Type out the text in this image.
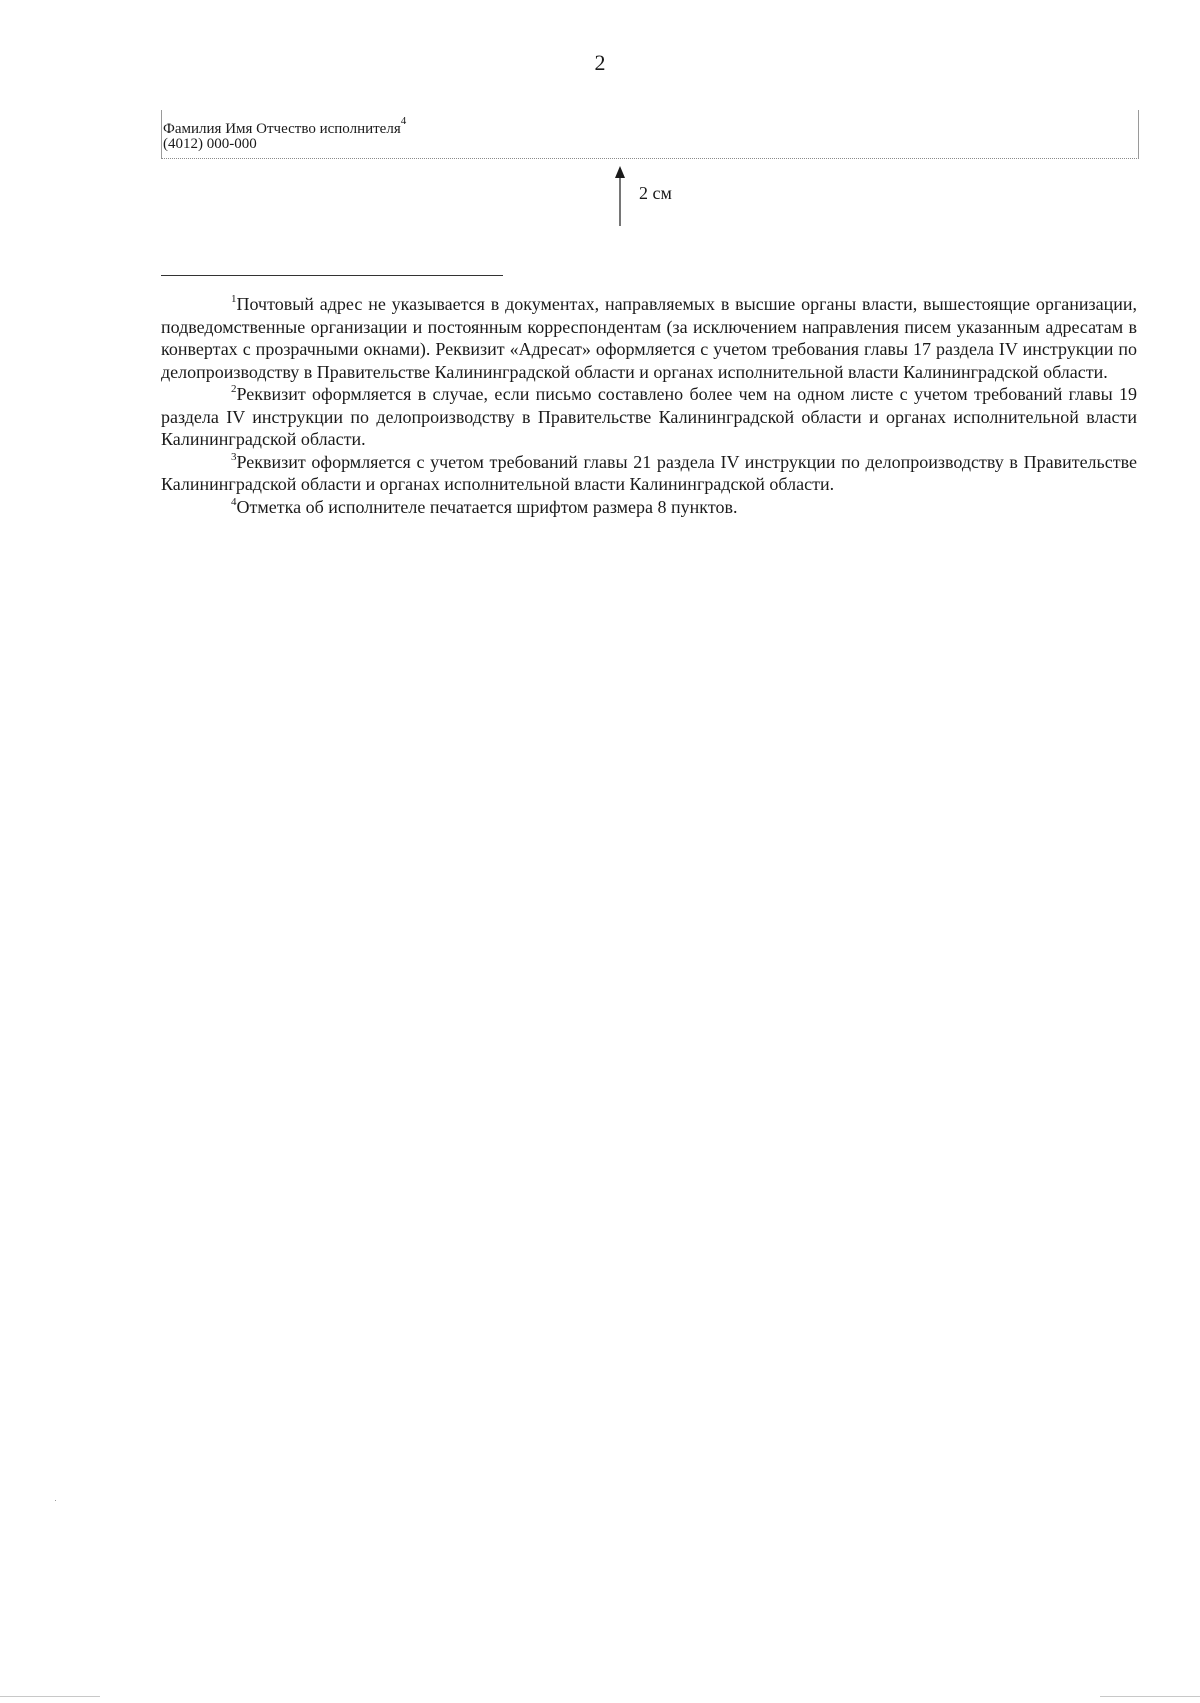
2
Фамилия Имя Отчество исполнителя$^4$
(4012) 000-000
2 см

$^1$Почтовый адрес не указывается в документах, направляемых в высшие органы власти, вышестоящие организации, подведомственные организации и постоянным корреспондентам (за исключением направления писем указанным адресатам в конвертах с прозрачными окнами). Реквизит «Адресат» оформляется с учетом требования главы 17 раздела IV инструкции по делопроизводству в Правительстве Калининградской области и органах исполнительной власти Калининградской области.

$^2$Реквизит оформляется в случае, если письмо составлено более чем на одном листе с учетом требований главы 19 раздела IV инструкции по делопроизводству в Правительстве Калининградской области и органах исполнительной власти Калининградской области.

$^3$Реквизит оформляется с учетом требований главы 21 раздела IV инструкции по делопроизводству в Правительстве Калининградской области и органах исполнительной власти Калининградской области.

$^4$Отметка об исполнителе печатается шрифтом размера 8 пунктов.
